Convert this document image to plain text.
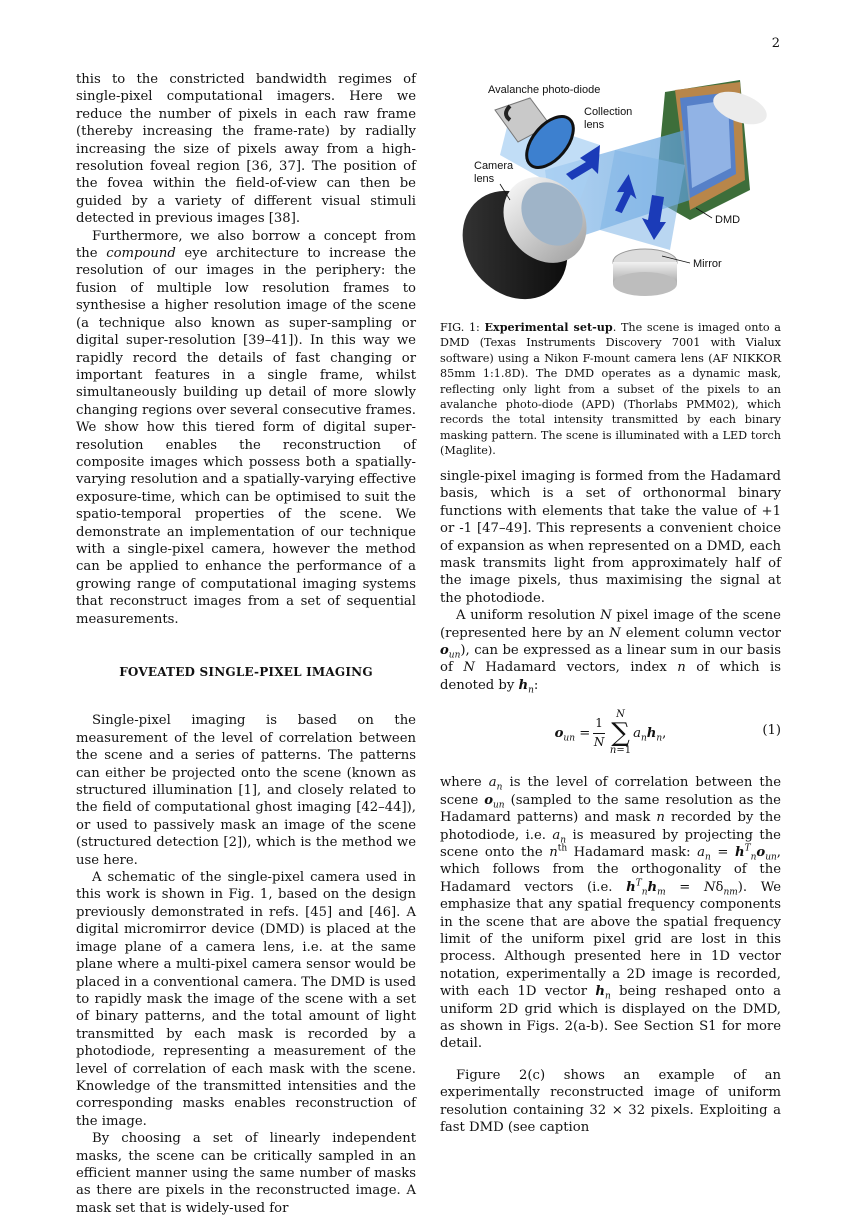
2

this to the constricted bandwidth regimes of single-pixel computational imagers. Here we reduce the number of pixels in each raw frame (thereby increasing the frame-rate) by radially increasing the size of pixels away from a high-resolution foveal region [36, 37]. The position of the fovea within the field-of-view can then be guided by a variety of different visual stimuli detected in previous images [38].

Furthermore, we also borrow a concept from the compound eye architecture to increase the resolution of our images in the periphery: the fusion of multiple low resolution frames to synthesise a higher resolution image of the scene (a technique also known as super-sampling or digital super-resolution [39–41]). In this way we rapidly record the details of fast changing or important features in a single frame, whilst simultaneously building up detail of more slowly changing regions over several consecutive frames. We show how this tiered form of digital super-resolution enables the reconstruction of composite images which possess both a spatially-varying resolution and a spatially-varying effective exposure-time, which can be optimised to suit the spatio-temporal properties of the scene. We demonstrate an implementation of our technique with a single-pixel camera, however the method can be applied to enhance the performance of a growing range of computational imaging systems that reconstruct images from a set of sequential measurements.

FOVEATED SINGLE-PIXEL IMAGING

Single-pixel imaging is based on the measurement of the level of correlation between the scene and a series of patterns. The patterns can either be projected onto the scene (known as structured illumination [1], and closely related to the field of computational ghost imaging [42–44]), or used to passively mask an image of the scene (structured detection [2]), which is the method we use here.

A schematic of the single-pixel camera used in this work is shown in Fig. 1, based on the design previously demonstrated in refs. [45] and [46]. A digital micromirror device (DMD) is placed at the image plane of a camera lens, i.e. at the same plane where a multi-pixel camera sensor would be placed in a conventional camera. The DMD is used to rapidly mask the image of the scene with a set of binary patterns, and the total amount of light transmitted by each mask is recorded by a photodiode, representing a measurement of the level of correlation of each mask with the scene. Knowledge of the transmitted intensities and the corresponding masks enables reconstruction of the image.

By choosing a set of linearly independent masks, the scene can be critically sampled in an efficient manner using the same number of masks as there are pixels in the reconstructed image. A mask set that is widely-used for

Avalanche photo-diode
Collection
lens
Camera
lens
DMD
Mirror
FIG. 1: Experimental set-up. The scene is imaged onto a DMD (Texas Instruments Discovery 7001 with Vialux software) using a Nikon F-mount camera lens (AF NIKKOR 85mm 1:1.8D). The DMD operates as a dynamic mask, reflecting only light from a subset of the pixels to an avalanche photo-diode (APD) (Thorlabs PMM02), which records the total intensity transmitted by each binary masking pattern. The scene is illuminated with a LED torch (Maglite).

single-pixel imaging is formed from the Hadamard basis, which is a set of orthonormal binary functions with elements that take the value of +1 or -1 [47–49]. This represents a convenient choice of expansion as when represented on a DMD, each mask transmits light from approximately half of the image pixels, thus maximising the signal at the photodiode.

A uniform resolution N pixel image of the scene (represented here by an N element column vector $o_{un}$), can be expressed as a linear sum in our basis of N Hadamard vectors, index n of which is denoted by $h_n$:

$o_{un} = \frac{1}{N}$
N
∑
n=1
$a_nh_n$,	(1)

where $a_n$ is the level of correlation between the scene $o_{un}$ (sampled to the same resolution as the Hadamard patterns) and mask n recorded by the photodiode, i.e. $a_n$ is measured by projecting the scene onto the $n^{th}$ Hadamard mask: $a_n = h^T_no_{un}$, which follows from the orthogonality of the Hadamard vectors (i.e. $h^T_nh_m = N\delta_{nm}$). We emphasize that any spatial frequency components in the scene that are above the spatial frequency limit of the uniform pixel grid are lost in this process. Although presented here in 1D vector notation, experimentally a 2D image is recorded, with each 1D vector $h_n$ being reshaped onto a uniform 2D grid which is displayed on the DMD, as shown in Figs. 2(a-b). See Section S1 for more detail.

Figure 2(c) shows an example of an experimentally reconstructed image of uniform resolution containing 32 × 32 pixels. Exploiting a fast DMD (see caption
